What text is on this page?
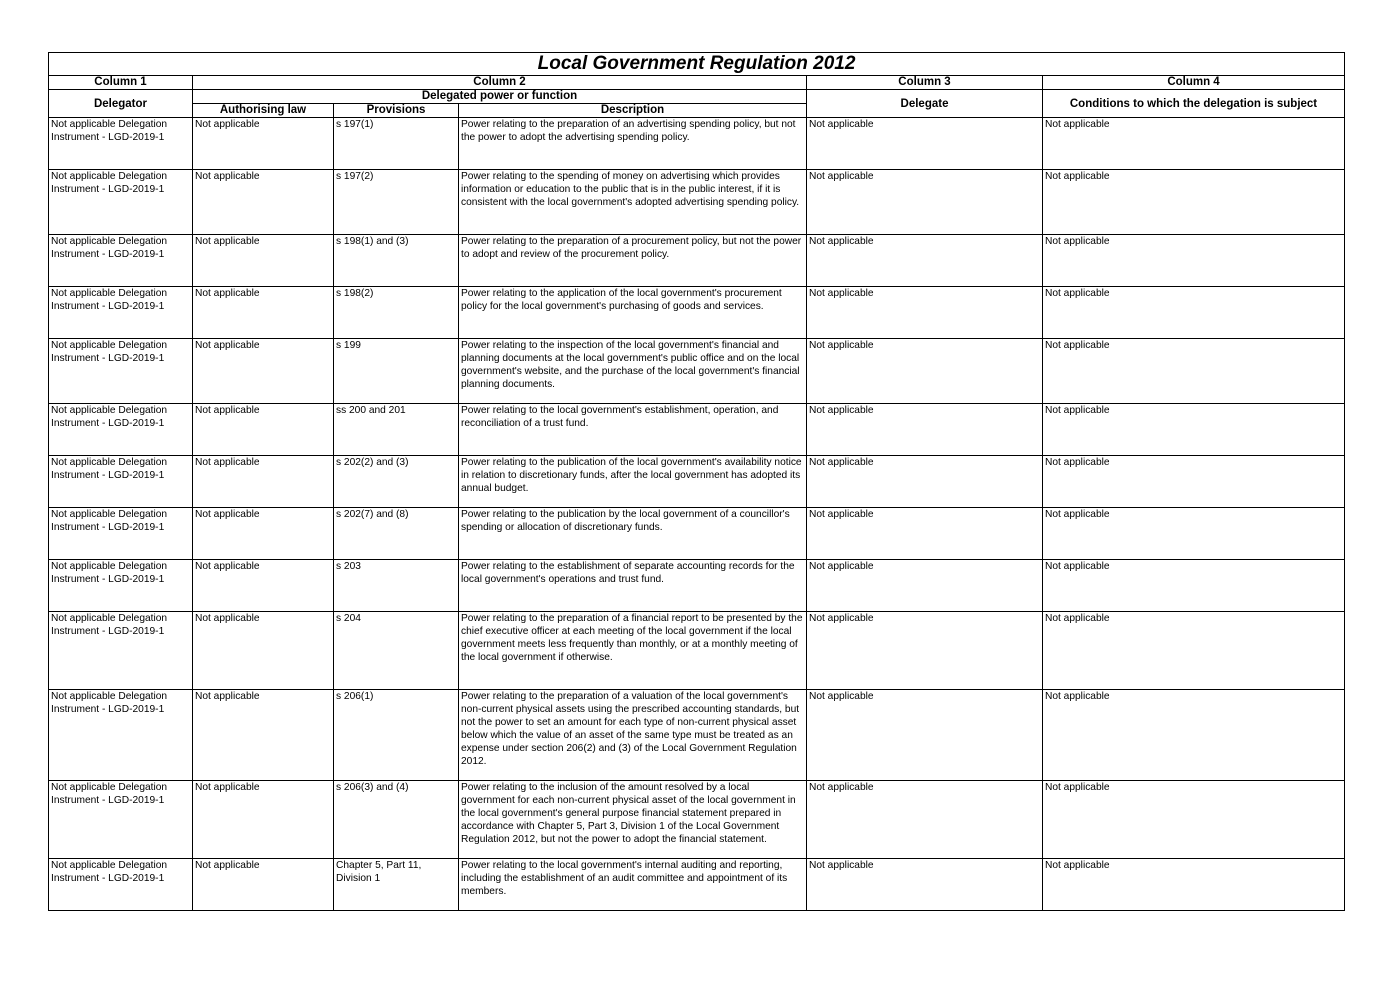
Local Government Regulation 2012					
Column 1	Column 2			Column 3	Column 4
Delegator	Delegated power or function			Delegate	Conditions to which the delegation is subject
	Authorising law	Provisions	Description		
Not applicable Delegation Instrument - LGD-2019-1	Not applicable	s 197(1)	Power relating to the preparation of an advertising spending policy, but not the power to adopt the advertising spending policy.	Not applicable	Not applicable
Not applicable Delegation Instrument - LGD-2019-1	Not applicable	s 197(2)	Power relating to the spending of money on advertising which provides information or education to the public that is in the public interest, if it is consistent with the local government's adopted advertising spending policy.	Not applicable	Not applicable
Not applicable Delegation Instrument - LGD-2019-1	Not applicable	s 198(1) and (3)	Power relating to the preparation of a procurement policy, but not the power to adopt and review of the procurement policy.	Not applicable	Not applicable
Not applicable Delegation Instrument - LGD-2019-1	Not applicable	s 198(2)	Power relating to the application of the local government's procurement policy for the local government's purchasing of goods and services.	Not applicable	Not applicable
Not applicable Delegation Instrument - LGD-2019-1	Not applicable	s 199	Power relating to the inspection of the local government's financial and planning documents at the local government's public office and on the local government's website, and the purchase of the local government's financial planning documents.	Not applicable	Not applicable
Not applicable Delegation Instrument - LGD-2019-1	Not applicable	ss 200 and 201	Power relating to the local government's establishment, operation, and reconciliation of a trust fund.	Not applicable	Not applicable
Not applicable Delegation Instrument - LGD-2019-1	Not applicable	s 202(2) and (3)	Power relating to the publication of the local government's availability notice in relation to discretionary funds, after the local government has adopted its annual budget.	Not applicable	Not applicable
Not applicable Delegation Instrument - LGD-2019-1	Not applicable	s 202(7) and (8)	Power relating to the publication by the local government of a councillor's spending or allocation of discretionary funds.	Not applicable	Not applicable
Not applicable Delegation Instrument - LGD-2019-1	Not applicable	s 203	Power relating to the establishment of separate accounting records for the local government's operations and trust fund.	Not applicable	Not applicable
Not applicable Delegation Instrument - LGD-2019-1	Not applicable	s 204	Power relating to the preparation of a financial report to be presented by the chief executive officer at each meeting of the local government if the local government meets less frequently than monthly, or at a monthly meeting of the local government if otherwise.	Not applicable	Not applicable
Not applicable Delegation Instrument - LGD-2019-1	Not applicable	s 206(1)	Power relating to the preparation of a valuation of the local government's non-current physical assets using the prescribed accounting standards, but not the power to set an amount for each type of non-current physical asset below which the value of an asset of the same type must be treated as an expense under section 206(2) and (3) of the Local Government Regulation 2012.	Not applicable	Not applicable
Not applicable Delegation Instrument - LGD-2019-1	Not applicable	s 206(3) and (4)	Power relating to the inclusion of the amount resolved by a local government for each non-current physical asset of the local government in the local government's general purpose financial statement prepared in accordance with Chapter 5, Part 3, Division 1 of the Local Government Regulation 2012, but not the power to adopt the financial statement.	Not applicable	Not applicable
Not applicable Delegation Instrument - LGD-2019-1	Not applicable	Chapter 5, Part 11, Division 1	Power relating to the local government's internal auditing and reporting, including the establishment of an audit committee and appointment of its members.	Not applicable	Not applicable
